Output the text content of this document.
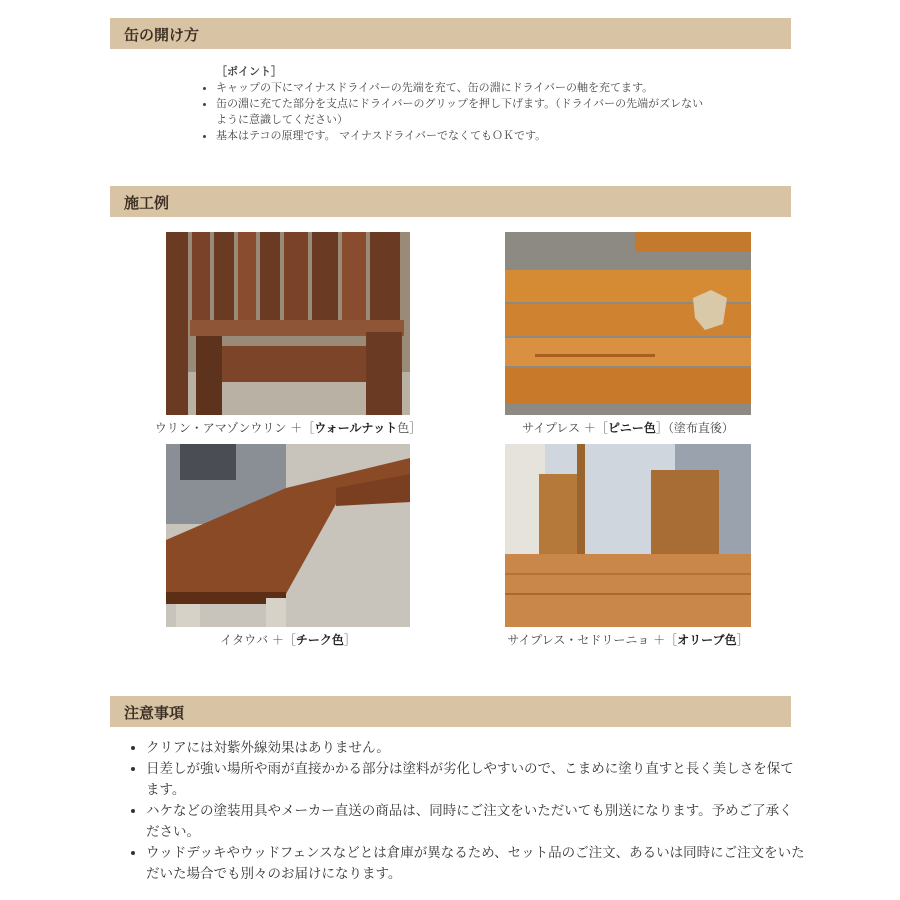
缶の開け方
［ポイント］
• キャップの下にマイナスドライバーの先端を充て、缶の淵にドライバーの軸を充てます。
• 缶の淵に充てた部分を支点にドライバーのグリップを押し下げます。（ドライバーの先端がズレないように意識してください）
• 基本はテコの原理です。 マイナスドライバーでなくてもＯＫです。
施工例
ウリン・アマゾンウリン ＋［ウォールナット色］	サイプレス ＋［ピニー色］（塗布直後）
イタウバ ＋［チーク色］	サイプレス・セドリーニョ ＋［オリーブ色］
注意事項
• クリアには対紫外線効果はありません。
• 日差しが強い場所や雨が直接かかる部分は塗料が劣化しやすいので、こまめに塗り直すと長く美しさを保てます。
• ハケなどの塗装用具やメーカー直送の商品は、同時にご注文をいただいても別送になります。予めご了承ください。
• ウッドデッキやウッドフェンスなどとは倉庫が異なるため、セット品のご注文、あるいは同時にご注文をいただいた場合でも別々のお届けになります。
